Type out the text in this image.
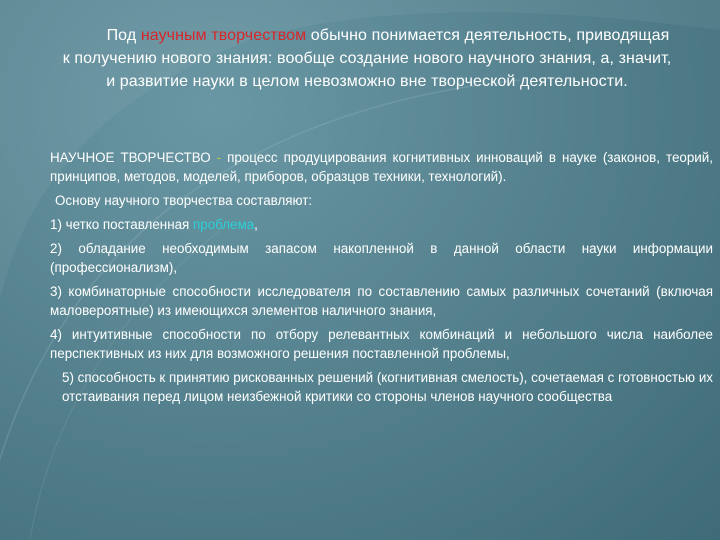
Под научным творчеством обычно понимается деятельность, приводящая к получению нового знания: вообще создание нового научного знания, а, значит, и развитие науки в целом невозможно вне творческой деятельности.

НАУЧНОЕ ТВОРЧЕСТВО - процесс продуцирования когнитивных инноваций в науке (законов, теорий, принципов, методов, моделей, приборов, образцов техники, технологий).

Основу научного творчества составляют:

1) четко поставленная проблема,

2) обладание необходимым запасом накопленной в данной области науки информации (профессионализм),

3) комбинаторные способности исследователя по составлению самых различных сочетаний (включая маловероятные) из имеющихся элементов наличного знания,

4) интуитивные способности по отбору релевантных комбинаций и небольшого числа наиболее перспективных из них для возможного решения поставленной проблемы,

5) способность к принятию рискованных решений (когнитивная смелость), сочетаемая с готовностью их отстаивания перед лицом неизбежной критики со стороны членов научного сообщества
